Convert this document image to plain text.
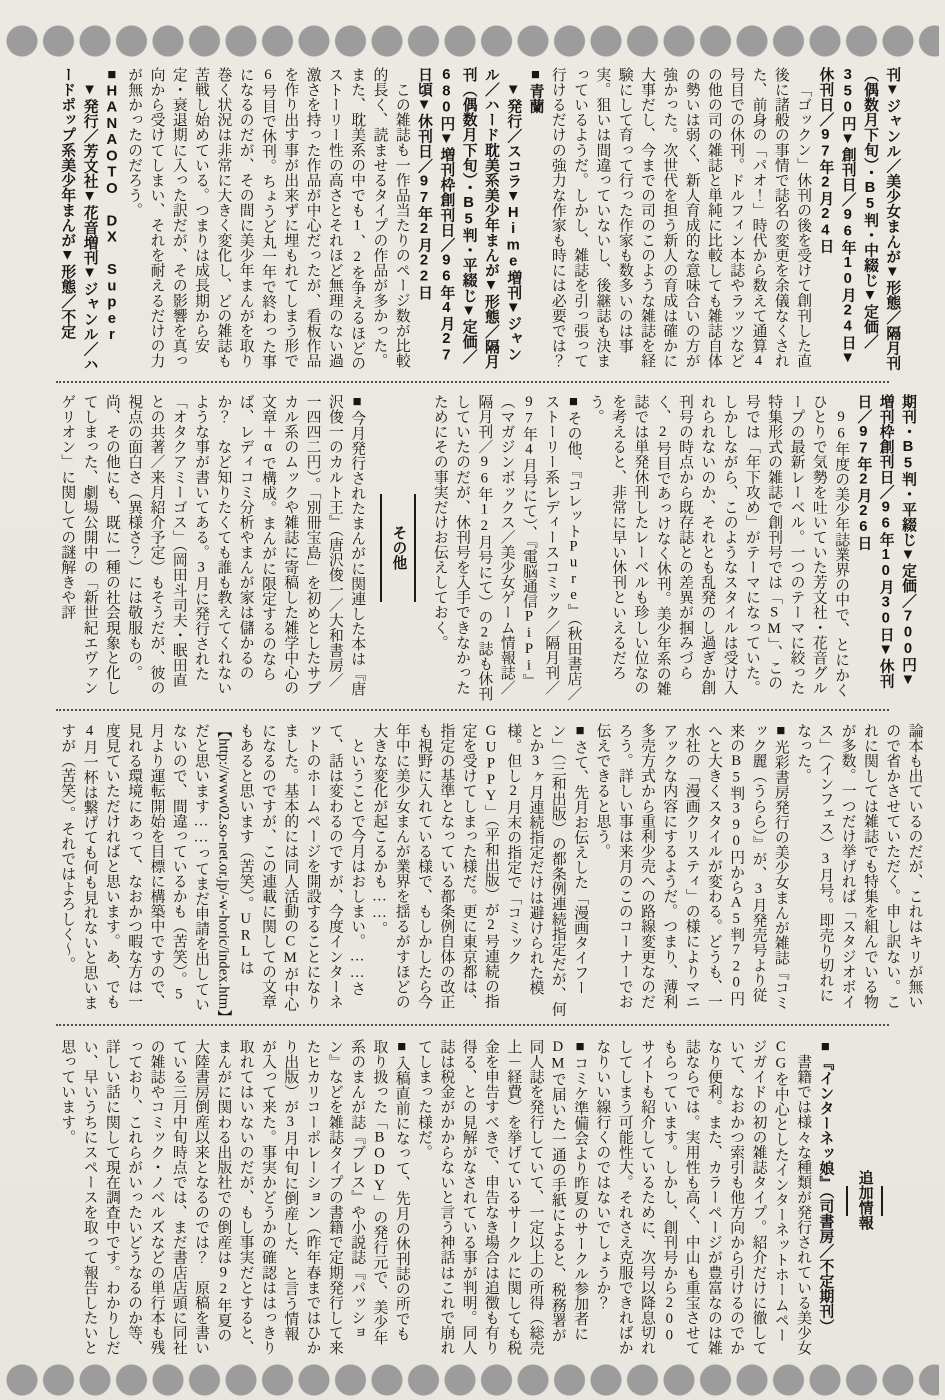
刊▼ジャンル／美少女まんが▼形態／隔月刊（偶数月下旬）・B5判・中綴じ▼定価／350円▼創刊日／96年10月24日▼休刊日／97年2月24日

「ゴックン」休刊の後を受けて創刊した直後に諸般の事情で誌名の変更を余儀なくされた、前身の「パオ！」時代から数えて通算4号目での休刊。ドルフィン本誌やラッツなどの他の司の雑誌と単純に比較しても雑誌自体の勢いは弱く、新人育成的な意味合いの方が強かった。次世代を担う新人の育成は確かに大事だし、今までの司のこのような雑誌を経験にして育って行った作家も数多いのは事実。狙いは間違っていないし、後継誌も決まっているようだ。しかし、雑誌を引っ張って行けるだけの強力な作家も時には必要では？

■青蘭

▼発行／スコラ▼Hime増刊▼ジャンル／ハード耽美系美少年まんが▼形態／隔月刊（偶数月下旬）・B5判・平綴じ▼定価／680円▼増刊枠創刊日／96年4月27日頃▼休刊日／97年2月22日

この雑誌も一作品当たりのページ数が比較的長く、読ませるタイプの作品が多かった。また、耽美系の中でも1、2を争えるほどのストーリー性の高さとそれほど無理のない過激さを持った作品が中心だったが、看板作品を作り出す事が出来ずに埋もれてしまう形で6号目で休刊。ちょうど丸一年で終わった事になるのだが、その間に美少年まんがを取り巻く状況は非常に大きく変化し、どの雑誌も苦戦し始めている。つまりは成長期から安定・衰退期に入った訳だが、その影響を真っ向から受けてしまい、それを耐えるだけの力が無かったのだろう。

■HANAOTO DX Super

▼発行／芳文社▼花音増刊▼ジャンル／ハードポップ系美少年まんが▼形態／不定

期刊・B5判・平綴じ▼定価／700円▼増刊枠創刊日／96年10月30日▼休刊日／97年2月26日

96年度の美少年誌業界の中で、とにかくひとりで気勢を吐いていた芳文社・花音グループの最新レーベル。一つのテーマに絞った特集形式の雑誌で創刊号では「SM」、この号では「年下攻め」がテーマになっていた。しかしながら、このようなスタイルは受け入れられないのか、それとも乱発のし過ぎか創刊号の時点から既存誌との差異が掴みづらく、2号目であっけなく休刊。美少年系の雑誌では単発休刊したレーベルも珍しい位なのを考えると、非常に早い休刊といえるだろう。

■その他、『コレットPure』（秋田書店／ストーリー系レディースコミック／隔月刊／97年4月号にて）、『電脳通信PiPi』（マガジンボックス／美少女ゲーム情報誌／隔月刊／96年12月号にて）の2誌も休刊していたのだが、休刊号を入手できなかったためにその事実だけお伝えしておく。

その他

■今月発行されたまんがに関連した本は『唐沢俊一のカルト王』（唐沢俊一／大和書房／一四四二円）。「別冊宝島」を初めとしたサブカル系のムックや雑誌に寄稿した雑学中心の文章＋αで構成。まんがに限定するのならば、レディコミ分析やまんが家は儲かるのか？　など知りたくても誰も教えてくれないような事が書いてある。3月に発行された「オタクアミーゴス」（岡田斗司夫・眠田直との共著／来月紹介予定）もそうだが、彼の視点の面白さ（異様さ？）には敬服もの。尚、その他にも、既に一種の社会現象と化してしまった、劇場公開中の「新世紀エヴァンゲリオン」に関しての謎解きや評

論本も出ているのだが、これはキリが無いので省かさせていただく。申し訳ない。これに関しては雑誌でも特集を組んでいる物が多数。一つだけ挙げれば「スタジオボイス」（インフェス）3月号。即売り切れになった。

■光彩書房発行の美少女まんが雑誌『コミック麗（うらら）』が、3月発売号より従来のB5判390円からA5判720円へと大きくスタイルが変わる。どうも、一水社の「漫画クリスティ」の様によりマニアックな内容にするようだ。つまり、薄利多売方式から重利少売への路線変更なのだろう。詳しい事は来月のこのコーナーでお伝えできると思う。

■さて、先月お伝えした「漫画タイフーン」（三和出版）の都条例連続指定だが、何とか3ヶ月連続指定だけは避けられた模様。但し2月末の指定で「コミックGUPPY」（平和出版）が2号連続の指定を受けてしまった様だ。更に東京都は、指定の基準となっている都条例自体の改正も視野に入れている様で、もしかしたら今年中に美少女まんが業界を揺るがすほどの大きな変化が起こるかも……。

ということで今月はおしまい。……さて、話は変わるのですが、今度インターネットのホームページを開設することになりました。基本的には同人活動のCMが中心になるのですが、この連載に関しての文章もあると思います（苦笑）。URLは【http://www02.so-net.or.jp/-w-horic/index.htm】だと思います……ってまだ申請を出していないので、間違っているかも（苦笑）。5月より運転開始を目標に構築中ですので、見れる環境にあって、なおかつ暇な方は一度見ていただければと思います。あ、でも4月一杯は繋げても何も見れないと思いますが（苦笑）。それではよろしく〜。

追加情報

■『インターネッ娘』（司書房／不定期刊）

書籍では様々な種類が発行されている美少女CGを中心としたインターネットホームページガイドの初の雑誌タイプ。紹介だけに徹していて、なおかつ索引も他方向から引けるのでかなり便利。また、カラーページが豊富なのは雑誌ならでは。実用性も高く、中山も重宝させてもらっています。しかし、創刊号から200サイトも紹介しているために、次号以降息切れしてしまう可能性大。それさえ克服できればかなりいい線行くのではないでしょうか？

■コミケ準備会より昨夏のサークル参加者にDMで届いた一通の手紙によると、税務署が同人誌を発行していて、一定以上の所得（総売上－経費）を挙げているサークルに関しても税金を申告すべきで、申告なき場合は追徴も有り得る、との見解がなされている事が判明。同人誌は税金がかからないと言う神話はこれで崩れてしまった様だ。

■入稿直前になって、先月の休刊誌の所でも取り扱った「BODY」の発行元で、美少年系のまんが誌『ブレス』や小説誌『パッション』などを雑誌タイプの書籍で定期発行して来たヒカリコーポレーション（昨年春まではひかり出版）が3月中旬に倒産した、と言う情報が入って来た。事実かどうかの確認ははっきり取れてはいないのだが、もし事実だとすると、まんがに関わる出版社での倒産は92年夏の大陸書房倒産以来となるのでは？　原稿を書いている三月中旬時点では、まだ書店店頭に同社の雑誌やコミック・ノベルズなどの単行本も残っており、これらがいったいどうなるのか等、詳しい話に関して現在調査中です。わかりしだい、早いうちにスペースを取って報告したいと思っています。
